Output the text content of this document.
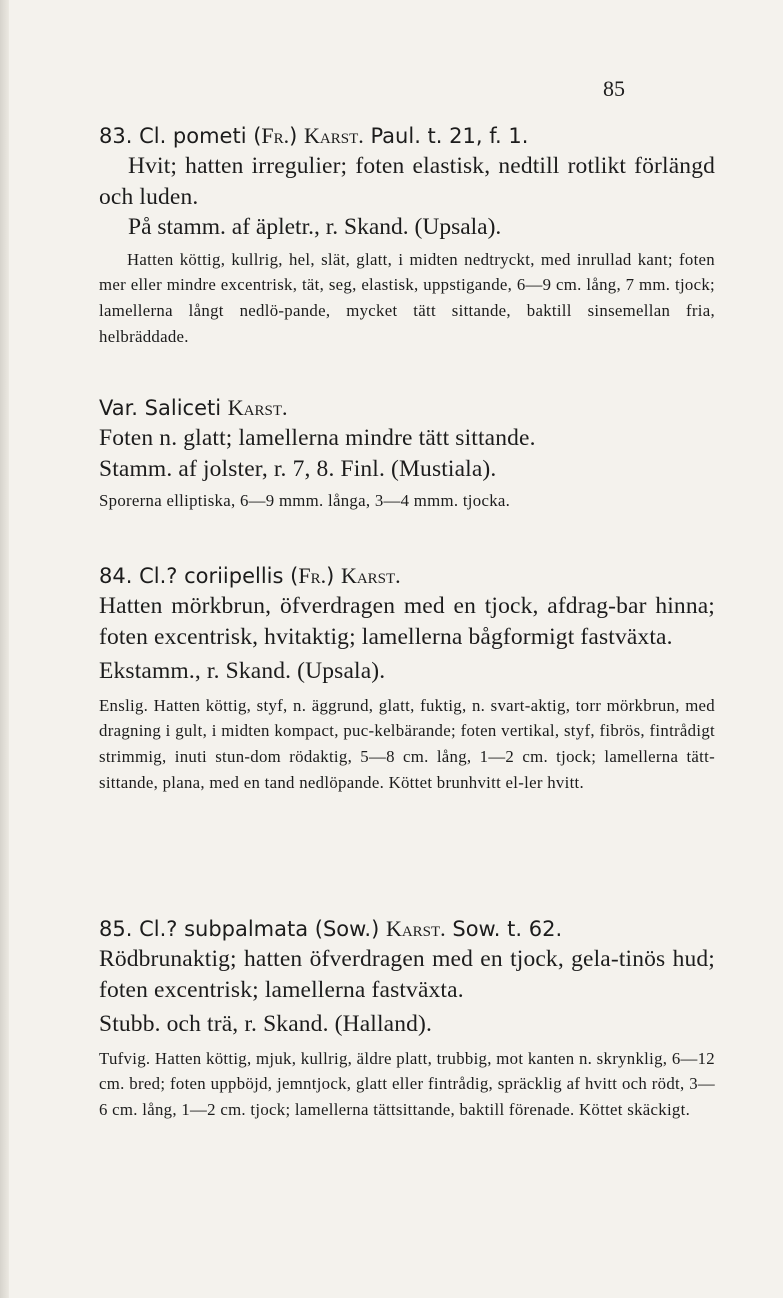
85

83. Cl. pometi (Fr.) Karst. Paul. t. 21, f. 1.

Hvit; hatten irregulier; foten elastisk, nedtill rotlikt förlängd och luden.

På stamm. af äpletr., r. Skand. (Upsala).

Hatten köttig, kullrig, hel, slät, glatt, i midten nedtryckt, med inrullad kant; foten mer eller mindre excentrisk, tät, seg, elastisk, uppstigande, 6—9 cm. lång, 7 mm. tjock; lamellerna långt nedlö-pande, mycket tätt sittande, baktill sinsemellan fria, helbräddade.

Var. Saliceti Karst.

Foten n. glatt; lamellerna mindre tätt sittande.

Stamm. af jolster, r. 7, 8. Finl. (Mustiala).

Sporerna elliptiska, 6—9 mmm. långa, 3—4 mmm. tjocka.

84. Cl.? coriipellis (Fr.) Karst.

Hatten mörkbrun, öfverdragen med en tjock, afdrag-bar hinna; foten excentrisk, hvitaktig; lamellerna bågformigt fastväxta.

Ekstamm., r. Skand. (Upsala).

Enslig. Hatten köttig, styf, n. äggrund, glatt, fuktig, n. svart-aktig, torr mörkbrun, med dragning i gult, i midten kompact, puc-kelbärande; foten vertikal, styf, fibrös, fintrådigt strimmig, inuti stun-dom rödaktig, 5—8 cm. lång, 1—2 cm. tjock; lamellerna tätt-sittande, plana, med en tand nedlöpande. Köttet brunhvitt el-ler hvitt.

85. Cl.? subpalmata (Sow.) Karst. Sow. t. 62.

Rödbrunaktig; hatten öfverdragen med en tjock, gela-tinös hud; foten excentrisk; lamellerna fastväxta.

Stubb. och trä, r. Skand. (Halland).

Tufvig. Hatten köttig, mjuk, kullrig, äldre platt, trubbig, mot kanten n. skrynklig, 6—12 cm. bred; foten uppböjd, jemntjock, glatt eller fintrådig, spräcklig af hvitt och rödt, 3—6 cm. lång, 1—2 cm. tjock; lamellerna tättsittande, baktill förenade. Köttet skäckigt.
